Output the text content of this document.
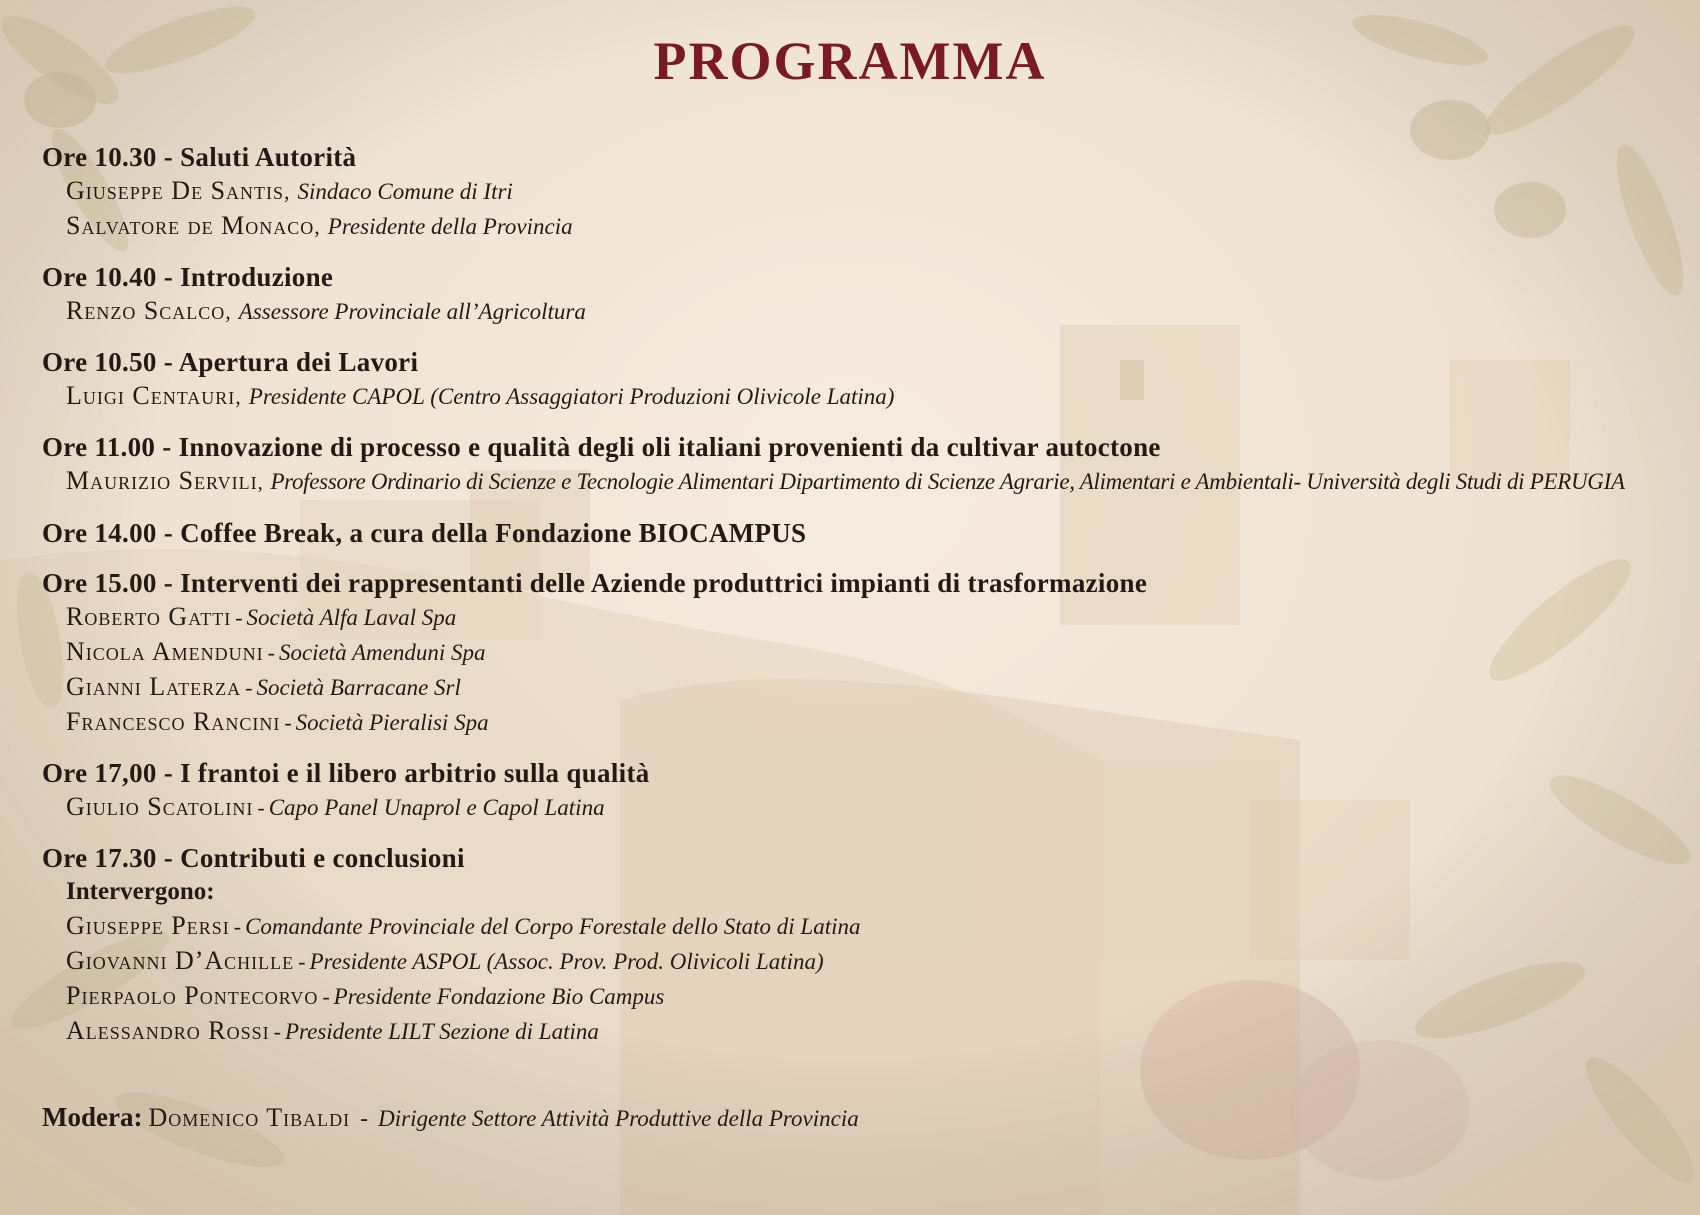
PROGRAMMA
Ore 10.30 - Saluti Autorità
Giuseppe De Santis, Sindaco Comune di Itri
Salvatore de Monaco, Presidente della Provincia
Ore 10.40 - Introduzione
Renzo Scalco, Assessore Provinciale all’Agricoltura
Ore 10.50 - Apertura dei Lavori
Luigi Centauri, Presidente CAPOL (Centro Assaggiatori Produzioni Olivicole Latina)
Ore 11.00 - Innovazione di processo e qualità degli oli italiani provenienti da cultivar autoctone
Maurizio Servili, Professore Ordinario di Scienze e Tecnologie Alimentari Dipartimento di Scienze Agrarie, Alimentari e Ambientali- Università degli Studi di PERUGIA
Ore 14.00 - Coffee Break, a cura della Fondazione BIOCAMPUS
Ore 15.00 - Interventi dei rappresentanti delle Aziende produttrici impianti di trasformazione
Roberto Gatti - Società Alfa Laval Spa
Nicola Amenduni - Società Amenduni Spa
Gianni Laterza - Società Barracane Srl
Francesco Rancini - Società Pieralisi Spa
Ore 17,00 - I frantoi e il libero arbitrio sulla qualità
Giulio Scatolini - Capo Panel Unaprol e Capol Latina
Ore 17.30 - Contributi e conclusioni
Intervergono:
Giuseppe Persi - Comandante Provinciale del Corpo Forestale dello Stato di Latina
Giovanni D’Achille - Presidente ASPOL (Assoc. Prov. Prod. Olivicoli Latina)
Pierpaolo Pontecorvo - Presidente Fondazione Bio Campus
Alessandro Rossi - Presidente LILT Sezione di Latina
Modera: Domenico Tibaldi - Dirigente Settore Attività Produttive della Provincia
